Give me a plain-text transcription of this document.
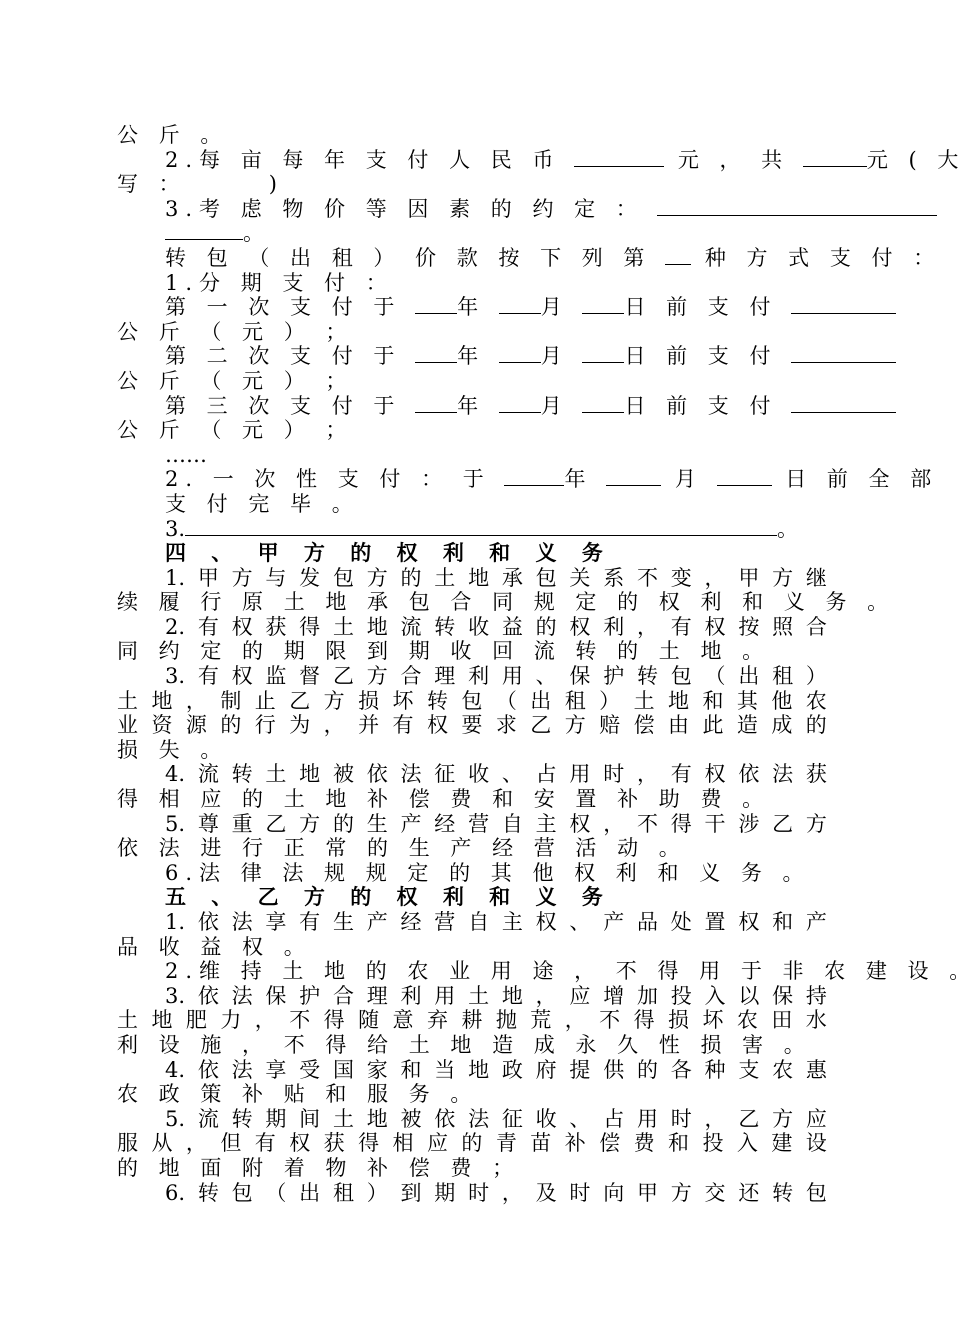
公 斤 。
2.每 亩 每 年 支 付 人 民 币	元 ， 共	元 ( 大
写 ：      )
3.考 虑 物 价 等 因 素 的 约 定 ：
。
转 包 （ 出 租 ） 价 款 按 下 列 第	种 方 式 支 付 ：
1.分 期 支 付 ：
第 一 次 支 付 于	年	月	日 前 支 付
公 斤 （ 元 ） ；
第 二 次 支 付 于	年	月	日 前 支 付
公 斤 （ 元 ） ；
第 三 次 支 付 于	年	月	日 前 支 付
公 斤 （ 元 ） ；
……
2. 一 次 性 支 付 ： 于	年	月	日 前 全 部
支 付 完 毕 。
3.	。
四 、 甲 方 的 权 利 和 义 务
1. 甲 方 与 发 包 方 的 土 地 承 包 关 系 不 变 ， 甲 方 继
续 履 行 原 土 地 承 包 合 同 规 定 的 权 利 和 义 务 。
2. 有 权 获 得 土 地 流 转 收 益 的 权 利 ， 有 权 按 照 合
同 约 定 的 期 限 到 期 收 回 流 转 的 土 地 。
3. 有 权 监 督 乙 方 合 理 利 用 、 保 护 转 包 （ 出 租 ）
土 地 ， 制 止 乙 方 损 坏 转 包 （ 出 租 ） 土 地 和 其 他 农
业 资 源 的 行 为 ， 并 有 权 要 求 乙 方 赔 偿 由 此 造 成 的
损 失 。
4. 流 转 土 地 被 依 法 征 收 、 占 用 时 ， 有 权 依 法 获
得 相 应 的 土 地 补 偿 费 和 安 置 补 助 费 。
5. 尊 重 乙 方 的 生 产 经 营 自 主 权 ， 不 得 干 涉 乙 方
依 法 进 行 正 常 的 生 产 经 营 活 动 。
6.法 律 法 规 规 定 的 其 他 权 利 和 义 务 。
五 、 乙 方 的 权 利 和 义 务
1. 依 法 享 有 生 产 经 营 自 主 权 、 产 品 处 置 权 和 产
品 收 益 权 。
2.维 持 土 地 的 农 业 用 途 ， 不 得 用 于 非 农 建 设 。
3. 依 法 保 护 合 理 利 用 土 地 ， 应 增 加 投 入 以 保 持
土 地 肥 力 ， 不 得 随 意 弃 耕 抛 荒 ， 不 得 损 坏 农 田 水
利 设 施 ， 不 得 给 土 地 造 成 永 久 性 损 害 。
4. 依 法 享 受 国 家 和 当 地 政 府 提 供 的 各 种 支 农 惠
农 政 策 补 贴 和 服 务 。
5. 流 转 期 间 土 地 被 依 法 征 收 、 占 用 时 ， 乙 方 应
服 从 ， 但 有 权 获 得 相 应 的 青 苗 补 偿 费 和 投 入 建 设
的 地 面 附 着 物 补 偿 费 ；
6. 转 包 （ 出 租 ） 到 期 时 ， 及 时 向 甲 方 交 还 转 包
